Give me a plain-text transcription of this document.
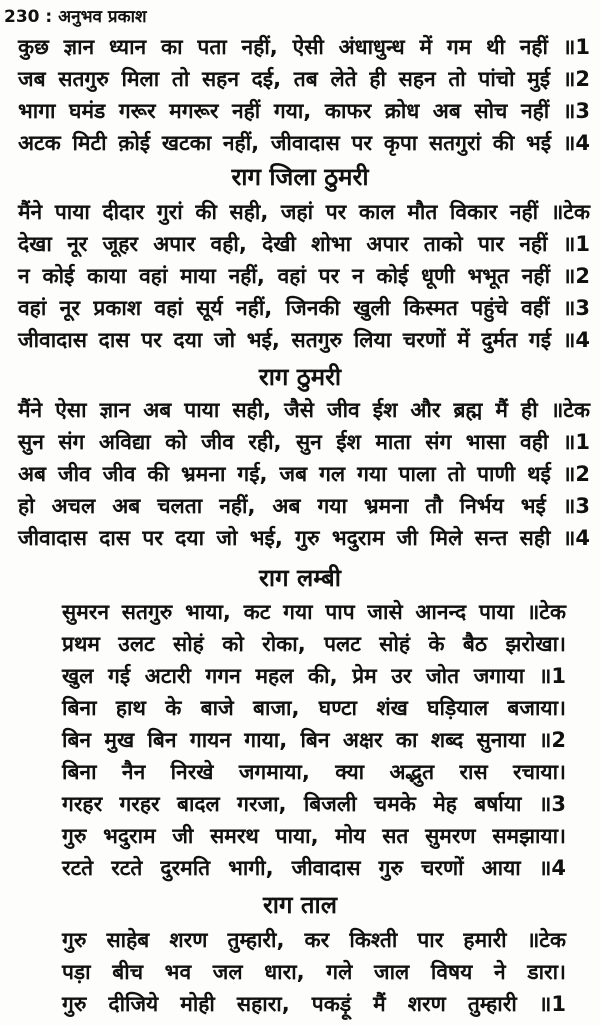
230 : अनुभव प्रकाश
कुछ ज्ञान ध्यान का पता नहीं, ऐसी अंधाधुन्ध में गम थी नहीं ॥1
जब सतगुरु मिला तो सहन दई, तब लेते ही सहन तो पांचो मुई ॥2
भागा घमंड गरूर मगरूर नहीं गया, काफर क्रोध अब सोच नहीं ॥3
अटक मिटी क़ोई खटका नहीं, जीवादास पर कृपा सतगुरां की भई ॥4
राग जिला ठुमरी
मैंने पाया दीदार गुरां की सही, जहां पर काल मौत विकार नहीं ॥टेक
देखा नूर जूहर अपार वही, देखी शोभा अपार ताको पार नहीं ॥1
न कोई काया वहां माया नहीं, वहां पर न कोई धूणी भभूत नहीं ॥2
वहां नूर प्रकाश वहां सूर्य नहीं, जिनकी खुली किस्मत पहुंचे वहीं ॥3
जीवादास दास पर दया जो भई, सतगुरु लिया चरणों में दुर्मत गई ॥4
राग ठुमरी
मैंने ऐसा ज्ञान अब पाया सही, जैसे जीव ईश और ब्रह्म मैं ही ॥टेक
सुन संग अविद्या को जीव रही, सुन ईश माता संग भासा वही ॥1
अब जीव जीव की भ्रमना गई, जब गल गया पाला तो पाणी थई ॥2
हो अचल अब चलता नहीं, अब गया भ्रमना तौ निर्भय भई ॥3
जीवादास दास पर दया जो भई, गुरु भदुराम जी मिले सन्त सही ॥4
राग लम्बी
सुमरन सतगुरु भाया, कट गया पाप जासे आनन्द पाया ॥टेक
प्रथम उलट सोहं को रोका, पलट सोहं के बैठ झरोखा।
खुल गई अटारी गगन महल की, प्रेम उर जोत जगाया ॥1
बिना हाथ के बाजे बाजा, घण्टा शंख घड़ियाल बजाया।
बिन मुख बिन गायन गाया, बिन अक्षर का शब्द सुनाया ॥2
बिना नैन निरखे जगमाया, क्या अद्भुत रास रचाया।
गरहर गरहर बादल गरजा, बिजली चमके मेह बर्षाया ॥3
गुरु भदुराम जी समरथ पाया, मोय सत सुमरण समझाया।
रटते रटते दुरमति भागी, जीवादास गुरु चरणों आया ॥4
राग ताल
गुरु साहेब शरण तुम्हारी, कर किश्ती पार हमारी ॥टेक
पड़ा बीच भव जल धारा, गले जाल विषय ने डारा।
गुरु दीजिये मोही सहारा, पकड़ूं मैं शरण तुम्हारी ॥1
